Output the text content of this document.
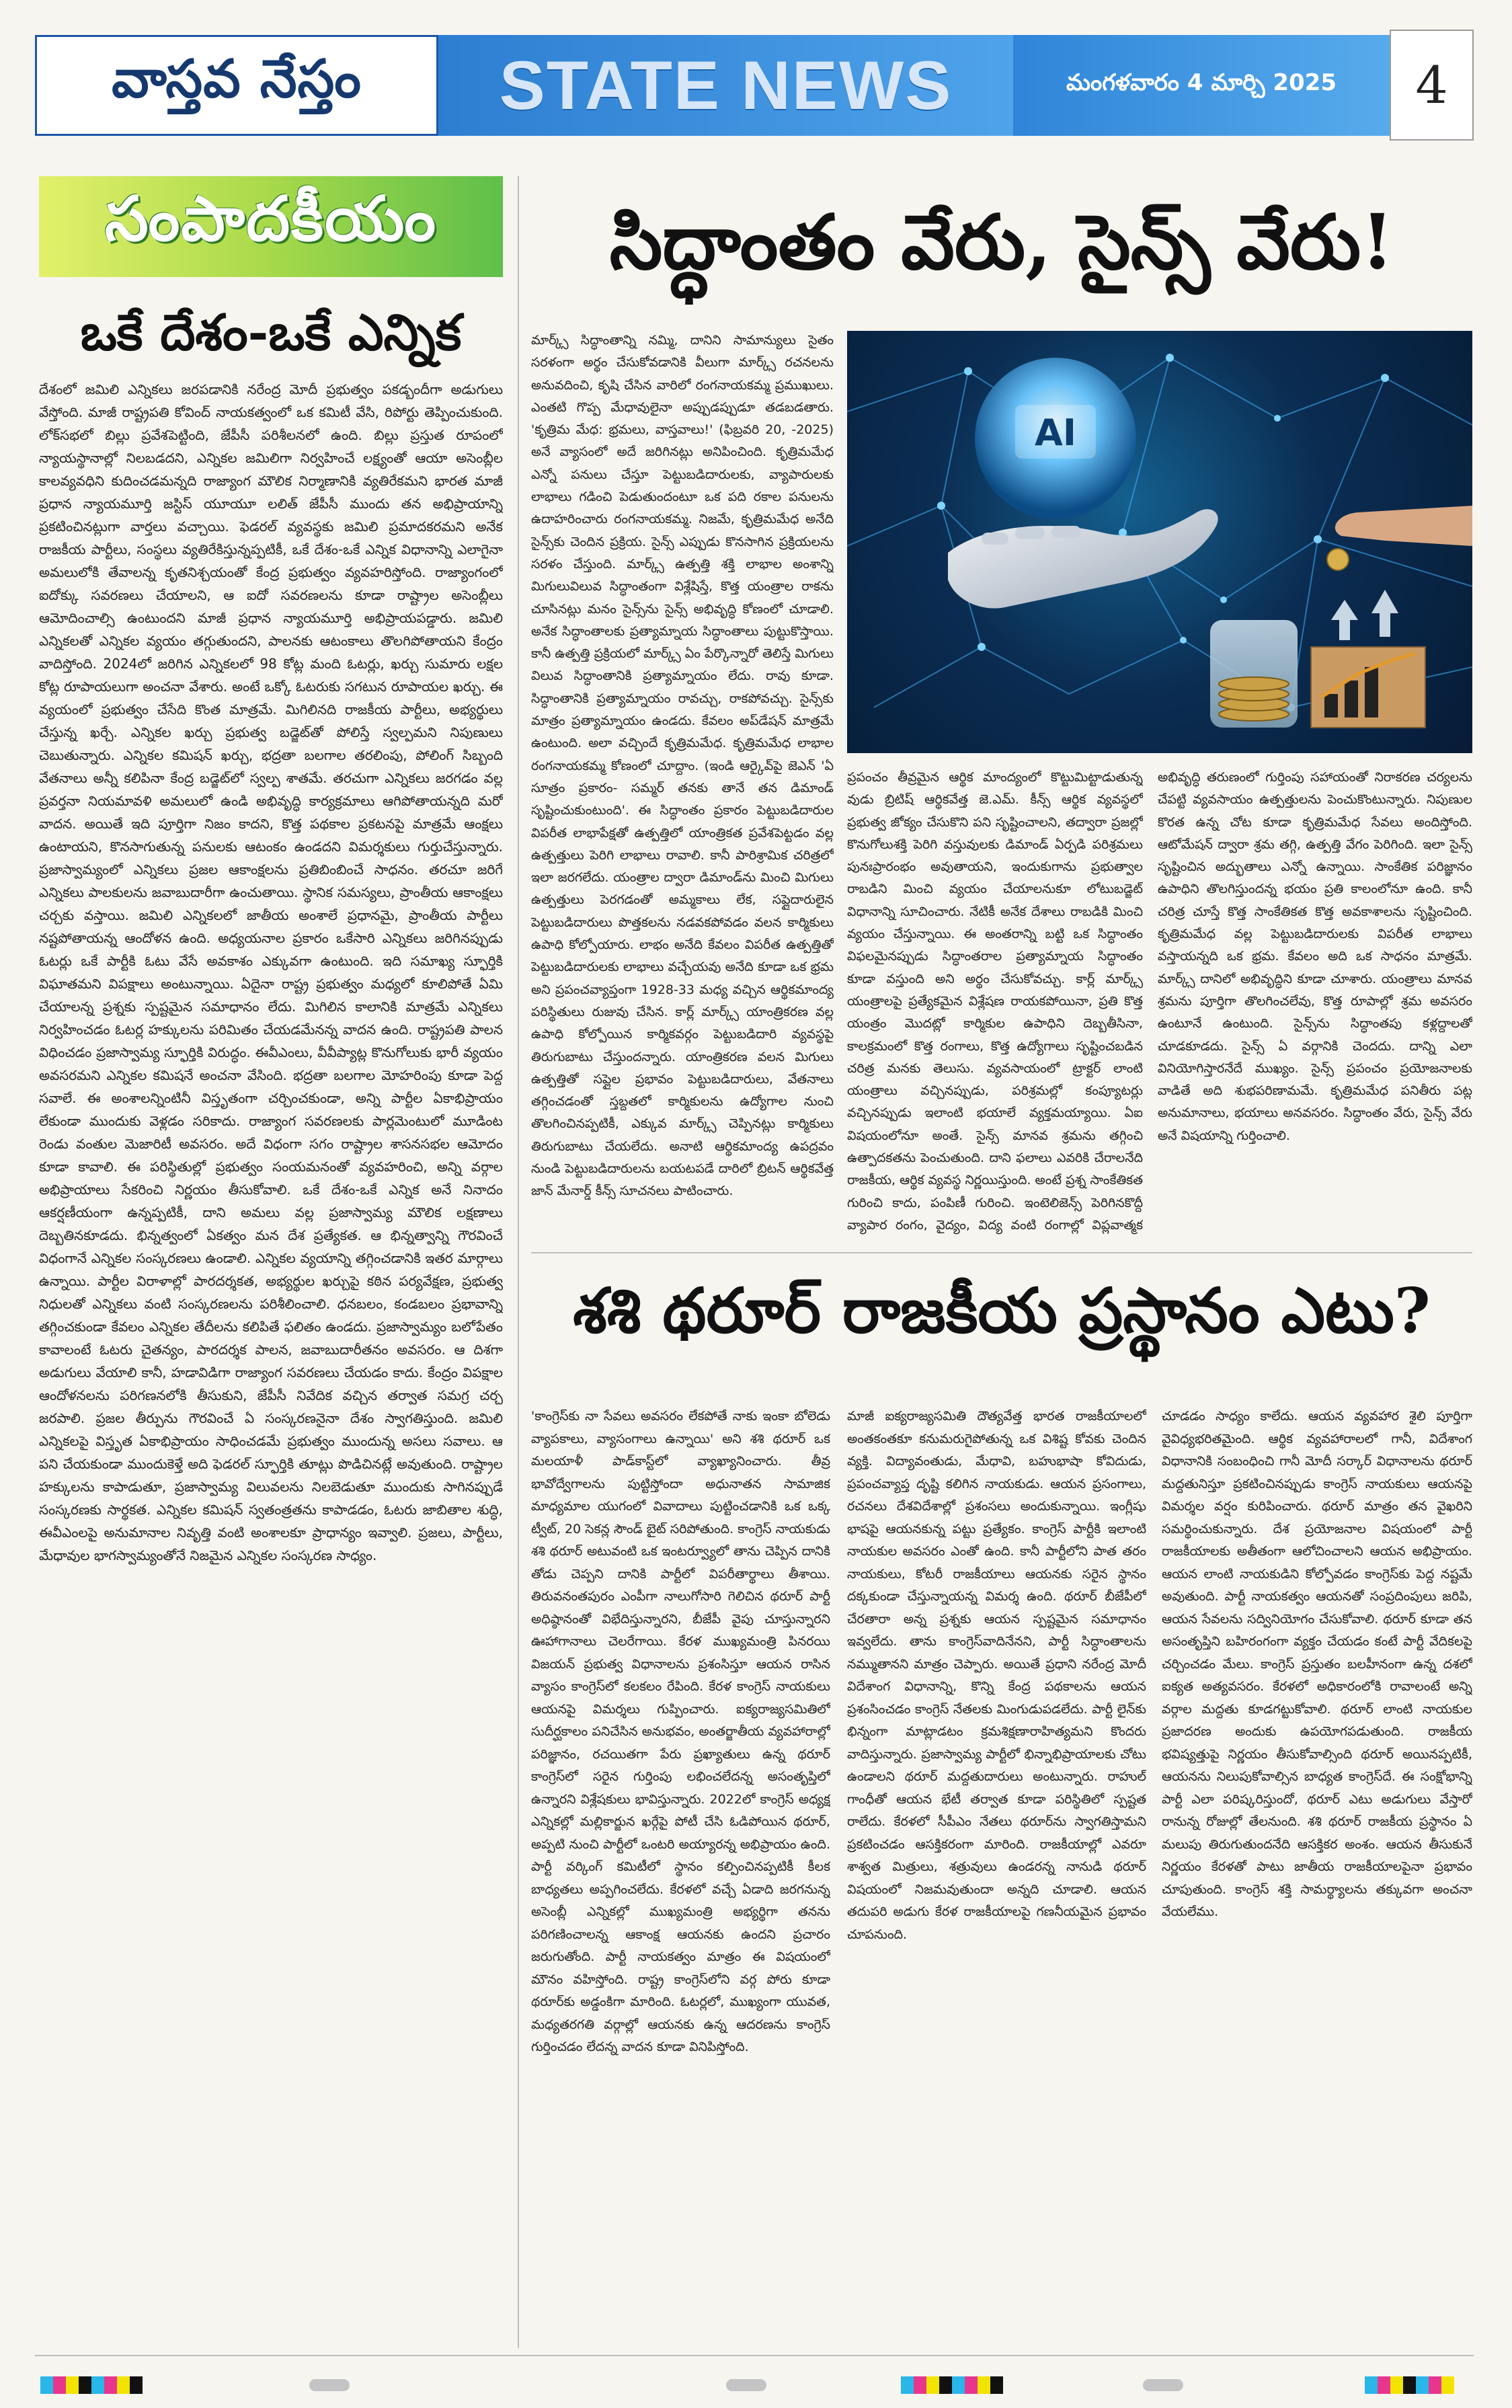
వాస్తవ నేస్తం STATE NEWS	మంగళవారం 4 మార్చి 2025 4
సంపాదకీయం
ఒకే దేశం-ఒకే ఎన్నిక
దేశంలో జమిలి ఎన్నికలు జరపడానికి నరేంద్ర మోదీ ప్రభుత్వం పకడ్బందీగా అడుగులు వేస్తోంది. మాజీ రాష్ట్రపతి కోవింద్ నాయకత్వంలో ఒక కమిటీ వేసి, రిపోర్టు తెప్పించుకుంది. లోక్‌సభలో బిల్లు ప్రవేశపెట్టింది, జేపీసీ పరిశీలనలో ఉంది. బిల్లు ప్రస్తుత రూపంలో న్యాయస్థానాల్లో నిలబడదని, ఎన్నికల జమిలిగా నిర్వహించే లక్ష్యంతో ఆయా అసెంబ్లీల కాలవ్యవధిని కుదించడమన్నది రాజ్యాంగ మౌలిక నిర్మాణానికి వ్యతిరేకమని భారత మాజీ ప్రధాన న్యాయమూర్తి జస్టిస్ యూయూ లలిత్ జేపీసీ ముందు తన అభిప్రాయాన్ని ప్రకటించినట్లుగా వార్తలు వచ్చాయి. ఫెడరల్ వ్యవస్థకు జమిలి ప్రమాదకరమని అనేక రాజకీయ పార్టీలు, సంస్థలు వ్యతిరేకిస్తున్నప్పటికీ, ఒకే దేశం-ఒకే ఎన్నిక విధానాన్ని ఎలాగైనా అమలులోకి తేవాలన్న కృతనిశ్చయంతో కేంద్ర ప్రభుత్వం వ్యవహరిస్తోంది. రాజ్యాంగంలో ఐదోక్కు సవరణలు చేయాలని, ఆ ఐదో సవరణలను కూడా రాష్ట్రాల అసెంబ్లీలు ఆమోదించాల్సి ఉంటుందని మాజీ ప్రధాన న్యాయమూర్తి అభిప్రాయపడ్డారు. జమిలి ఎన్నికలతో ఎన్నికల వ్యయం తగ్గుతుందని, పాలనకు ఆటంకాలు తొలగిపోతాయని కేంద్రం వాదిస్తోంది. 2024లో జరిగిన ఎన్నికలలో 98 కోట్ల మంది ఓటర్లు, ఖర్చు సుమారు లక్షల కోట్ల రూపాయలుగా అంచనా వేశారు. అంటే ఒక్కో ఓటరుకు సగటున రూపాయల ఖర్చు. ఈ వ్యయంలో ప్రభుత్వం చేసేది కొంత మాత్రమే. మిగిలినది రాజకీయ పార్టీలు, అభ్యర్థులు చేస్తున్న ఖర్చే. ఎన్నికల ఖర్చు ప్రభుత్వ బడ్జెట్‌తో పోలిస్తే స్వల్పమని నిపుణులు చెబుతున్నారు. ఎన్నికల కమిషన్ ఖర్చు, భద్రతా బలగాల తరలింపు, పోలింగ్ సిబ్బంది వేతనాలు అన్నీ కలిపినా కేంద్ర బడ్జెట్‌లో స్వల్ప శాతమే. తరచుగా ఎన్నికలు జరగడం వల్ల ప్రవర్తనా నియమావళి అమలులో ఉండి అభివృద్ధి కార్యక్రమాలు ఆగిపోతాయన్నది మరో వాదన. అయితే ఇది పూర్తిగా నిజం కాదని, కొత్త పథకాల ప్రకటనపై మాత్రమే ఆంక్షలు ఉంటాయని, కొనసాగుతున్న పనులకు ఆటంకం ఉండదని విమర్శకులు గుర్తుచేస్తున్నారు. ప్రజాస్వామ్యంలో ఎన్నికలు ప్రజల ఆకాంక్షలను ప్రతిబింబించే సాధనం. తరచూ జరిగే ఎన్నికలు పాలకులను జవాబుదారీగా ఉంచుతాయి. స్థానిక సమస్యలు, ప్రాంతీయ ఆకాంక్షలు చర్చకు వస్తాయి. జమిలి ఎన్నికలలో జాతీయ అంశాలే ప్రధానమై, ప్రాంతీయ పార్టీలు నష్టపోతాయన్న ఆందోళన ఉంది. అధ్యయనాల ప్రకారం ఒకేసారి ఎన్నికలు జరిగినప్పుడు ఓటర్లు ఒకే పార్టీకి ఓటు వేసే అవకాశం ఎక్కువగా ఉంటుంది. ఇది సమాఖ్య స్ఫూర్తికి విఘాతమని విపక్షాలు అంటున్నాయి. ఏదైనా రాష్ట్ర ప్రభుత్వం మధ్యలో కూలిపోతే ఏమి చేయాలన్న ప్రశ్నకు స్పష్టమైన సమాధానం లేదు. మిగిలిన కాలానికి మాత్రమే ఎన్నికలు నిర్వహించడం ఓటర్ల హక్కులను పరిమితం చేయడమేనన్న వాదన ఉంది. రాష్ట్రపతి పాలన విధించడం ప్రజాస్వామ్య స్ఫూర్తికి విరుద్ధం. ఈవీఎంలు, వీవీప్యాట్ల కొనుగోలుకు భారీ వ్యయం అవసరమని ఎన్నికల కమిషనే అంచనా వేసింది. భద్రతా బలగాల మోహరింపు కూడా పెద్ద సవాలే. ఈ అంశాలన్నింటినీ విస్తృతంగా చర్చించకుండా, అన్ని పార్టీల ఏకాభిప్రాయం లేకుండా ముందుకు వెళ్లడం సరికాదు. రాజ్యాంగ సవరణలకు పార్లమెంటులో మూడింట రెండు వంతుల మెజారిటీ అవసరం. అదే విధంగా సగం రాష్ట్రాల శాసనసభల ఆమోదం కూడా కావాలి. ఈ పరిస్థితుల్లో ప్రభుత్వం సంయమనంతో వ్యవహరించి, అన్ని వర్గాల అభిప్రాయాలు సేకరించి నిర్ణయం తీసుకోవాలి. ఒకే దేశం-ఒకే ఎన్నిక అనే నినాదం ఆకర్షణీయంగా ఉన్నప్పటికీ, దాని అమలు వల్ల ప్రజాస్వామ్య మౌలిక లక్షణాలు దెబ్బతినకూడదు. భిన్నత్వంలో ఏకత్వం మన దేశ ప్రత్యేకత. ఆ భిన్నత్వాన్ని గౌరవించే విధంగానే ఎన్నికల సంస్కరణలు ఉండాలి. ఎన్నికల వ్యయాన్ని తగ్గించడానికి ఇతర మార్గాలు ఉన్నాయి. పార్టీల విరాళాల్లో పారదర్శకత, అభ్యర్థుల ఖర్చుపై కఠిన పర్యవేక్షణ, ప్రభుత్వ నిధులతో ఎన్నికలు వంటి సంస్కరణలను పరిశీలించాలి. ధనబలం, కండబలం ప్రభావాన్ని తగ్గించకుండా కేవలం ఎన్నికల తేదీలను కలిపితే ఫలితం ఉండదు. ప్రజాస్వామ్యం బలోపేతం కావాలంటే ఓటరు చైతన్యం, పారదర్శక పాలన, జవాబుదారీతనం అవసరం. ఆ దిశగా అడుగులు వేయాలి కానీ, హడావిడిగా రాజ్యాంగ సవరణలు చేయడం కాదు. కేంద్రం విపక్షాల ఆందోళనలను పరిగణనలోకి తీసుకుని, జేపీసీ నివేదిక వచ్చిన తర్వాత సమగ్ర చర్చ జరపాలి. ప్రజల తీర్పును గౌరవించే ఏ సంస్కరణనైనా దేశం స్వాగతిస్తుంది. జమిలి ఎన్నికలపై విస్తృత ఏకాభిప్రాయం సాధించడమే ప్రభుత్వం ముందున్న అసలు సవాలు. ఆ పని చేయకుండా ముందుకెళ్తే అది ఫెడరల్ స్ఫూర్తికి తూట్లు పొడిచినట్లే అవుతుంది. రాష్ట్రాల హక్కులను కాపాడుతూ, ప్రజాస్వామ్య విలువలను నిలబెడుతూ ముందుకు సాగినప్పుడే సంస్కరణకు సార్థకత. ఎన్నికల కమిషన్ స్వతంత్రతను కాపాడడం, ఓటరు జాబితాల శుద్ధి, ఈవీఎంలపై అనుమానాల నివృత్తి వంటి అంశాలకూ ప్రాధాన్యం ఇవ్వాలి. ప్రజలు, పార్టీలు, మేధావుల భాగస్వామ్యంతోనే నిజమైన ఎన్నికల సంస్కరణ సాధ్యం.
సిద్ధాంతం వేరు, సైన్స్ వేరు!
మార్క్స్ సిద్ధాంతాన్ని నమ్మి, దానిని సామాన్యులు సైతం సరళంగా అర్థం చేసుకోవడానికి వీలుగా మార్క్స్ రచనలను అనువదించి, కృషి చేసిన వారిలో రంగనాయకమ్మ ప్రముఖులు. ఎంతటి గొప్ప మేధావులైనా అప్పుడప్పుడూ తడబడతారు. 'కృత్రిమ మేధ: భ్రమలు, వాస్తవాలు!' (ఫిబ్రవరి 20, -2025) అనే వ్యాసంలో అదే జరిగినట్లు అనిపించింది. కృత్రిమమేధ ఎన్నో పనులు చేస్తూ పెట్టుబడిదారులకు, వ్యాపారులకు లాభాలు గడించి పెడుతుందంటూ ఒక పది రకాల పనులను ఉదాహరించారు రంగనాయకమ్మ. నిజమే, కృత్రిమమేధ అనేది సైన్స్‌కు చెందిన ప్రక్రియ. సైన్స్ ఎప్పుడు కొనసాగిన ప్రక్రియలను సరళం చేస్తుంది. మార్క్స్ ఉత్పత్తి శక్తి లాభాల అంశాన్ని మిగులువిలువ సిద్ధాంతంగా విశ్లేషిస్తే, కొత్త యంత్రాల రాకను చూసినట్లు మనం సైన్స్‌ను సైన్స్ అభివృద్ధి కోణంలో చూడాలి. అనేక సిద్ధాంతాలకు ప్రత్యామ్నాయ సిద్ధాంతాలు పుట్టుకొస్తాయి. కానీ ఉత్పత్తి ప్రక్రియలో మార్క్స్ ఏం పేర్కొన్నారో తెలిస్తే మిగులు విలువ సిద్ధాంతానికి ప్రత్యామ్నాయం లేదు. రావు కూడా. సిద్ధాంతానికి ప్రత్యామ్నాయం రావచ్చు, రాకపోవచ్చు. సైన్స్‌కు మాత్రం ప్రత్యామ్నాయం ఉండదు. కేవలం అప్‌డేషన్ మాత్రమే ఉంటుంది. అలా వచ్చిందే కృత్రిమమేధ. కృత్రిమమేధ లాభాల రంగనాయకమ్మ కోణంలో చూద్దాం. (ఇండి ఆర్కైవ్‌పై జెఎన్ 'ఏ సూత్రం ప్రకారం- సమ్మర్ తనకు తానే తన డిమాండ్ సృష్టించుకుంటుంది'. ఈ సిద్ధాంతం ప్రకారం పెట్టుబడిదారుల విపరీత లాభాపేక్షతో ఉత్పత్తిలో యాంత్రికత ప్రవేశపెట్టడం వల్ల ఉత్పత్తులు పెరిగి లాభాలు రావాలి. కానీ పారిశ్రామిక చరిత్రలో ఇలా జరగలేదు. యంత్రాల ద్వారా డిమాండ్‌ను మించి మిగులు ఉత్పత్తులు పెరగడంతో అమ్మకాలు లేక, సప్లైదారులైన పెట్టుబడిదారులు పొత్తకలను నడవకపోవడం వలన కార్మికులు ఉపాధి కోల్పోయారు. లాభం అనేది కేవలం విపరీత ఉత్పత్తితో పెట్టుబడిదారులకు లాభాలు వచ్చేయవు అనేది కూడా ఒక భ్రమ అని ప్రపంచవ్యాప్తంగా 1928-33 మధ్య వచ్చిన ఆర్థికమాంద్య పరిస్థితులు రుజువు చేసిన. కార్ల్ మార్క్స్ యాంత్రికరణ వల్ల ఉపాధి కోల్పోయిన కార్మికవర్గం పెట్టుబడిదారి వ్యవస్థపై తిరుగుబాటు చేస్తుందన్నారు. యాంత్రికరణ వలన మిగులు ఉత్పత్తితో సప్లైల ప్రభావం పెట్టుబడిదారులు, వేతనాలు తగ్గించడంతో స్తబ్దతలో కార్మికులను ఉద్యోగాల నుంచి తొలగించినప్పటికీ, ఎక్కువ మార్క్స్ చెప్పినట్లు కార్మికులు తిరుగుబాటు చేయలేదు. అనాటి ఆర్థికమాంద్య ఉపద్రవం నుండి పెట్టుబడిదారులను బయటపడే దారిలో బ్రిటన్ ఆర్థికవేత్త జాన్ మేనార్డ్ కీన్స్ సూచనలు పాటించారు.
AI
ప్రపంచం తీవ్రమైన ఆర్థిక మాంద్యంలో కొట్టుమిట్టాడుతున్న వుడు బ్రిటిష్ ఆర్థికవేత్త జె.ఎమ్. కీన్స్ ఆర్థిక వ్యవస్థలో ప్రభుత్వ జోక్యం చేసుకొని పని సృష్టించాలని, తద్వారా ప్రజల్లో కొనుగోలుశక్తి పెరిగి వస్తువులకు డిమాండ్ ఏర్పడి పరిశ్రమలు పునఃప్రారంభం అవుతాయని, ఇందుకుగాను ప్రభుత్వాల రాబడిని మించి వ్యయం చేయాలనుకూ లోటుబడ్జెట్ విధానాన్ని సూచించారు. నేటికీ అనేక దేశాలు రాబడికి మించి వ్యయం చేస్తున్నాయి. ఈ అంతరాన్ని బట్టి ఒక సిద్ధాంతం విఫలమైనప్పుడు సిద్ధాంతరాల ప్రత్యామ్నాయ సిద్ధాంతం కూడా వస్తుంది అని అర్థం చేసుకోవచ్చు. కార్ల్ మార్క్స్ యంత్రాలపై ప్రత్యేకమైన విశ్లేషణ రాయకపోయినా, ప్రతి కొత్త యంత్రం మొదట్లో కార్మికుల ఉపాధిని దెబ్బతీసినా, కాలక్రమంలో కొత్త రంగాలు, కొత్త ఉద్యోగాలు సృష్టించబడిన చరిత్ర మనకు తెలుసు. వ్యవసాయంలో ట్రాక్టర్ లాంటి యంత్రాలు వచ్చినప్పుడు, పరిశ్రమల్లో కంప్యూటర్లు వచ్చినప్పుడు ఇలాంటి భయాలే వ్యక్తమయ్యాయి. ఏఐ విషయంలోనూ అంతే. సైన్స్ మానవ శ్రమను తగ్గించి ఉత్పాదకతను పెంచుతుంది. దాని ఫలాలు ఎవరికి చేరాలనేది రాజకీయ, ఆర్థిక వ్యవస్థ నిర్ణయిస్తుంది. అంటే ప్రశ్న సాంకేతికత గురించి కాదు, పంపిణీ గురించి. ఇంటెలిజెన్స్ పెరిగినకొద్దీ వ్యాపార రంగం, వైద్యం, విద్య వంటి రంగాల్లో విప్లవాత్మక
అభివృద్ధి తరుణంలో గుర్తింపు సహాయంతో నిరాకరణ చర్యలను చేపట్టి వ్యవసాయం ఉత్పత్తులను పెంచుకొంటున్నారు. నిపుణుల కొరత ఉన్న చోట కూడా కృత్రిమమేధ సేవలు అందిస్తోంది. ఆటోమేషన్ ద్వారా శ్రమ తగ్గి, ఉత్పత్తి వేగం పెరిగింది. ఇలా సైన్స్ సృష్టించిన అద్భుతాలు ఎన్నో ఉన్నాయి. సాంకేతిక పరిజ్ఞానం ఉపాధిని తొలగిస్తుందన్న భయం ప్రతి కాలంలోనూ ఉంది. కానీ చరిత్ర చూస్తే కొత్త సాంకేతికత కొత్త అవకాశాలను సృష్టించింది. కృత్రిమమేధ వల్ల పెట్టుబడిదారులకు విపరీత లాభాలు వస్తాయన్నది ఒక భ్రమ. కేవలం అది ఒక సాధనం మాత్రమే. మార్క్స్ దానిలో అభివృద్ధిని కూడా చూశారు. యంత్రాలు మానవ శ్రమను పూర్తిగా తొలగించలేవు, కొత్త రూపాల్లో శ్రమ అవసరం ఉంటూనే ఉంటుంది. సైన్స్‌ను సిద్ధాంతపు కళ్లద్దాలతో చూడకూడదు. సైన్స్ ఏ వర్గానికి చెందదు. దాన్ని ఎలా వినియోగిస్తారనేదే ముఖ్యం. సైన్స్ ప్రపంచం ప్రయోజనాలకు వాడితే అది శుభపరిణామమే. కృత్రిమమేధ పనితీరు పట్ల అనుమానాలు, భయాలు అనవసరం. సిద్ధాంతం వేరు, సైన్స్ వేరు అనే విషయాన్ని గుర్తించాలి.
శశి థరూర్ రాజకీయ ప్రస్థానం ఎటు?
'కాంగ్రెస్‌కు నా సేవలు అవసరం లేకపోతే నాకు ఇంకా బోలెడు వ్యాపకాలు, వ్యాసంగాలు ఉన్నాయి' అని శశి థరూర్ ఒక మలయాళీ పాడ్‌కాస్ట్‌లో వ్యాఖ్యానించారు. తీవ్ర భావోద్వేగాలను పుట్టిస్తోందా అధునాతన సామాజిక మాధ్యమాల యుగంలో వివాదాలు పుట్టించడానికి ఒక ఒక్క ట్వీట్, 20 సెకన్ల సౌండ్ బైట్ సరిపోతుంది. కాంగ్రెస్ నాయకుడు శశి థరూర్ అటువంటి ఒక ఇంటర్వ్యూలో తాను చెప్పిన దానికి తోడు చెప్పని దానికి పార్టీలో విపరీతార్థాలు తీశాయి. తిరువనంతపురం ఎంపీగా నాలుగోసారి గెలిచిన థరూర్ పార్టీ అధిష్ఠానంతో విభేదిస్తున్నారని, బీజేపీ వైపు చూస్తున్నారని ఊహాగానాలు చెలరేగాయి. కేరళ ముఖ్యమంత్రి పినరయి విజయన్ ప్రభుత్వ విధానాలను ప్రశంసిస్తూ ఆయన రాసిన వ్యాసం కాంగ్రెస్‌లో కలకలం రేపింది. కేరళ కాంగ్రెస్ నాయకులు ఆయనపై విమర్శలు గుప్పించారు. ఐక్యరాజ్యసమితిలో సుదీర్ఘకాలం పనిచేసిన అనుభవం, అంతర్జాతీయ వ్యవహారాల్లో పరిజ్ఞానం, రచయితగా పేరు ప్రఖ్యాతులు ఉన్న థరూర్ కాంగ్రెస్‌లో సరైన గుర్తింపు లభించలేదన్న అసంతృప్తిలో ఉన్నారని విశ్లేషకులు భావిస్తున్నారు. 2022లో కాంగ్రెస్ అధ్యక్ష ఎన్నికల్లో మల్లికార్జున ఖర్గేపై పోటీ చేసి ఓడిపోయిన థరూర్, అప్పటి నుంచి పార్టీలో ఒంటరి అయ్యారన్న అభిప్రాయం ఉంది. పార్టీ వర్కింగ్ కమిటీలో స్థానం కల్పించినప్పటికీ కీలక బాధ్యతలు అప్పగించలేదు. కేరళలో వచ్చే ఏడాది జరగనున్న అసెంబ్లీ ఎన్నికల్లో ముఖ్యమంత్రి అభ్యర్థిగా తనను పరిగణించాలన్న ఆకాంక్ష ఆయనకు ఉందని ప్రచారం జరుగుతోంది. పార్టీ నాయకత్వం మాత్రం ఈ విషయంలో మౌనం వహిస్తోంది. రాష్ట్ర కాంగ్రెస్‌లోని వర్గ పోరు కూడా థరూర్‌కు అడ్డంకిగా మారింది. ఓటర్లలో, ముఖ్యంగా యువత, మధ్యతరగతి వర్గాల్లో ఆయనకు ఉన్న ఆదరణను కాంగ్రెస్ గుర్తించడం లేదన్న వాదన కూడా వినిపిస్తోంది.
మాజీ ఐక్యరాజ్యసమితి దౌత్యవేత్త భారత రాజకీయాలలో అంతకంతకూ కనుమరుగైపోతున్న ఒక విశిష్ట కోవకు చెందిన వ్యక్తి. విద్యావంతుడు, మేధావి, బహుభాషా కోవిదుడు, ప్రపంచవ్యాప్త దృష్టి కలిగిన నాయకుడు. ఆయన ప్రసంగాలు, రచనలు దేశవిదేశాల్లో ప్రశంసలు అందుకున్నాయి. ఇంగ్లీషు భాషపై ఆయనకున్న పట్టు ప్రత్యేకం. కాంగ్రెస్ పార్టీకి ఇలాంటి నాయకుల అవసరం ఎంతో ఉంది. కానీ పార్టీలోని పాత తరం నాయకులు, కోటరీ రాజకీయాలు ఆయనకు సరైన స్థానం దక్కకుండా చేస్తున్నాయన్న విమర్శ ఉంది. థరూర్ బీజేపీలో చేరతారా అన్న ప్రశ్నకు ఆయన స్పష్టమైన సమాధానం ఇవ్వలేదు. తాను కాంగ్రెస్‌వాదినేనని, పార్టీ సిద్ధాంతాలను నమ్ముతానని మాత్రం చెప్పారు. అయితే ప్రధాని నరేంద్ర మోదీ విదేశాంగ విధానాన్ని, కొన్ని కేంద్ర పథకాలను ఆయన ప్రశంసించడం కాంగ్రెస్ నేతలకు మింగుడుపడలేదు. పార్టీ లైన్‌కు భిన్నంగా మాట్లాడటం క్రమశిక్షణారాహిత్యమని కొందరు వాదిస్తున్నారు. ప్రజాస్వామ్య పార్టీలో భిన్నాభిప్రాయాలకు చోటు ఉండాలని థరూర్ మద్దతుదారులు అంటున్నారు. రాహుల్ గాంధీతో ఆయన భేటీ తర్వాత కూడా పరిస్థితిలో స్పష్టత రాలేదు. కేరళలో సీపీఎం నేతలు థరూర్‌ను స్వాగతిస్తామని ప్రకటించడం ఆసక్తికరంగా మారింది. రాజకీయాల్లో ఎవరూ శాశ్వత మిత్రులు, శత్రువులు ఉండరన్న నానుడి థరూర్ విషయంలో నిజమవుతుందా అన్నది చూడాలి. ఆయన తదుపరి అడుగు కేరళ రాజకీయాలపై గణనీయమైన ప్రభావం చూపనుంది.
చూడడం సాధ్యం కాలేదు. ఆయన వ్యవహార శైలి పూర్తిగా వైవిధ్యభరితమైంది. ఆర్థిక వ్యవహారాలలో గానీ, విదేశాంగ విధానానికి సంబంధించి గానీ మోదీ సర్కార్ విధానాలను థరూర్ మద్దతునిస్తూ ప్రకటించినప్పుడు కాంగ్రెస్ నాయకులు ఆయనపై విమర్శల వర్షం కురిపించారు. థరూర్ మాత్రం తన వైఖరిని సమర్థించుకున్నారు. దేశ ప్రయోజనాల విషయంలో పార్టీ రాజకీయాలకు అతీతంగా ఆలోచించాలని ఆయన అభిప్రాయం. ఆయన లాంటి నాయకుడిని కోల్పోవడం కాంగ్రెస్‌కు పెద్ద నష్టమే అవుతుంది. పార్టీ నాయకత్వం ఆయనతో సంప్రదింపులు జరిపి, ఆయన సేవలను సద్వినియోగం చేసుకోవాలి. థరూర్ కూడా తన అసంతృప్తిని బహిరంగంగా వ్యక్తం చేయడం కంటే పార్టీ వేదికలపై చర్చించడం మేలు. కాంగ్రెస్ ప్రస్తుతం బలహీనంగా ఉన్న దశలో ఐక్యత అత్యవసరం. కేరళలో అధికారంలోకి రావాలంటే అన్ని వర్గాల మద్దతు కూడగట్టుకోవాలి. థరూర్ లాంటి నాయకుల ప్రజాదరణ అందుకు ఉపయోగపడుతుంది. రాజకీయ భవిష్యత్తుపై నిర్ణయం తీసుకోవాల్సింది థరూర్ అయినప్పటికీ, ఆయనను నిలుపుకోవాల్సిన బాధ్యత కాంగ్రెస్‌దే. ఈ సంక్షోభాన్ని పార్టీ ఎలా పరిష్కరిస్తుందో, థరూర్ ఎటు అడుగులు వేస్తారో రానున్న రోజుల్లో తేలనుంది. శశి థరూర్ రాజకీయ ప్రస్థానం ఏ మలుపు తిరుగుతుందనేది ఆసక్తికర అంశం. ఆయన తీసుకునే నిర్ణయం కేరళతో పాటు జాతీయ రాజకీయాలపైనా ప్రభావం చూపుతుంది. కాంగ్రెస్ శక్తి సామర్థ్యాలను తక్కువగా అంచనా వేయలేము.
